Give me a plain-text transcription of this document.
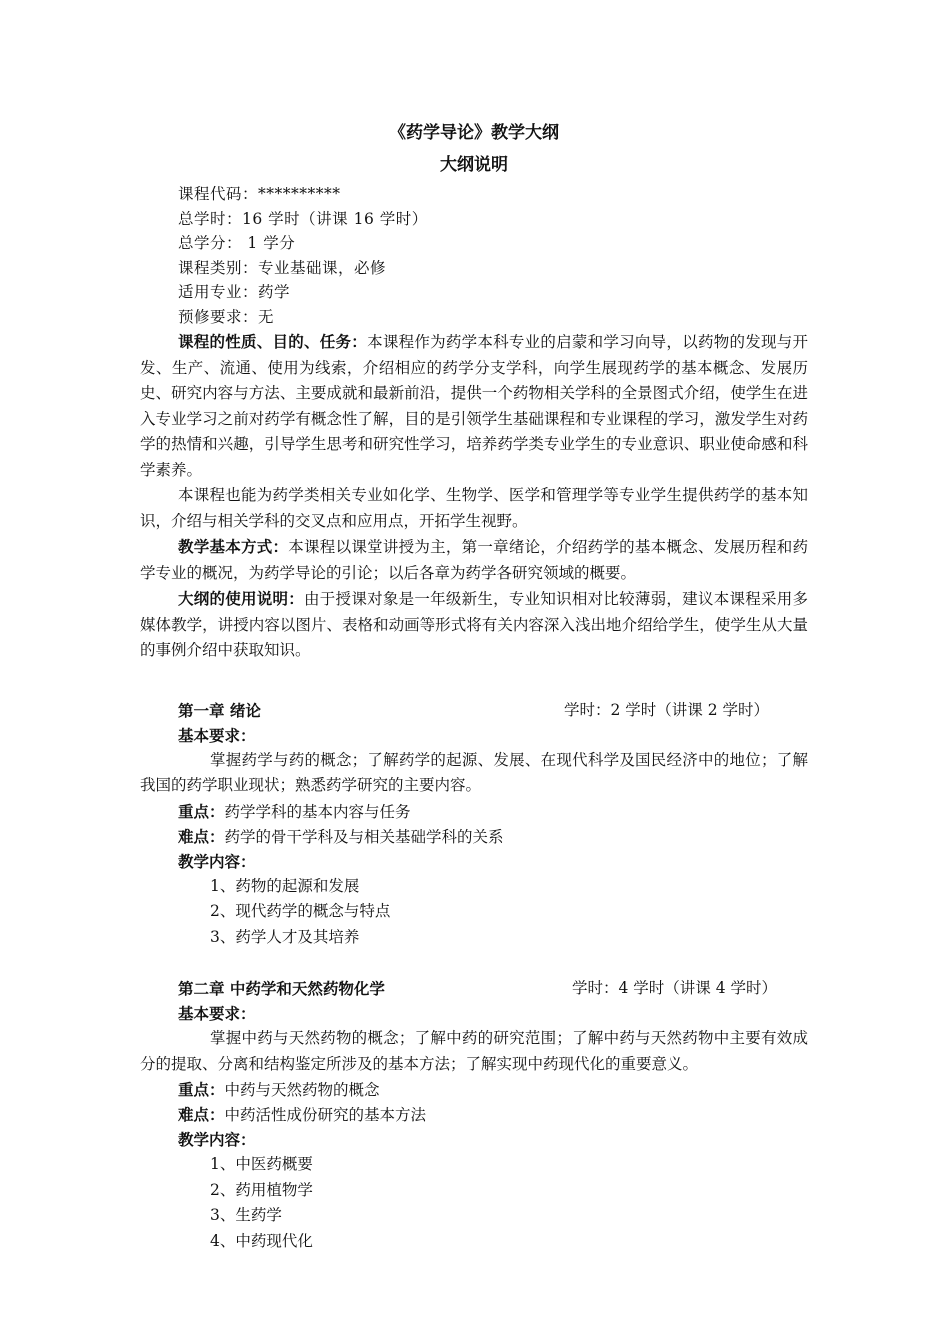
《药学导论》教学大纲
大纲说明
课程代码：**********
总学时：16 学时（讲课 16 学时）
总学分： 1 学分
课程类别：专业基础课，必修
适用专业：药学
预修要求：无

课程的性质、目的、任务：本课程作为药学本科专业的启蒙和学习向导，以药物的发现与开发、生产、流通、使用为线索，介绍相应的药学分支学科，向学生展现药学的基本概念、发展历史、研究内容与方法、主要成就和最新前沿，提供一个药物相关学科的全景图式介绍，使学生在进入专业学习之前对药学有概念性了解，目的是引领学生基础课程和专业课程的学习，激发学生对药学的热情和兴趣，引导学生思考和研究性学习，培养药学类专业学生的专业意识、职业使命感和科学素养。

本课程也能为药学类相关专业如化学、生物学、医学和管理学等专业学生提供药学的基本知识，介绍与相关学科的交叉点和应用点，开拓学生视野。

教学基本方式：本课程以课堂讲授为主，第一章绪论，介绍药学的基本概念、发展历程和药学专业的概况，为药学导论的引论；以后各章为药学各研究领域的概要。

大纲的使用说明：由于授课对象是一年级新生，专业知识相对比较薄弱，建议本课程采用多媒体教学，讲授内容以图片、表格和动画等形式将有关内容深入浅出地介绍给学生，使学生从大量的事例介绍中获取知识。

第一章 绪论	学时：2 学时（讲课 2 学时）
基本要求：

掌握药学与药的概念；了解药学的起源、发展、在现代科学及国民经济中的地位；了解我国的药学职业现状；熟悉药学研究的主要内容。

重点：药学学科的基本内容与任务
难点：药学的骨干学科及与相关基础学科的关系
教学内容：
1、药物的起源和发展
2、现代药学的概念与特点
3、药学人才及其培养
第二章 中药学和天然药物化学	学时：4 学时（讲课 4 学时）
基本要求：

掌握中药与天然药物的概念；了解中药的研究范围；了解中药与天然药物中主要有效成分的提取、分离和结构鉴定所涉及的基本方法；了解实现中药现代化的重要意义。

重点：中药与天然药物的概念
难点：中药活性成份研究的基本方法
教学内容：
1、中医药概要
2、药用植物学
3、生药学
4、中药现代化
